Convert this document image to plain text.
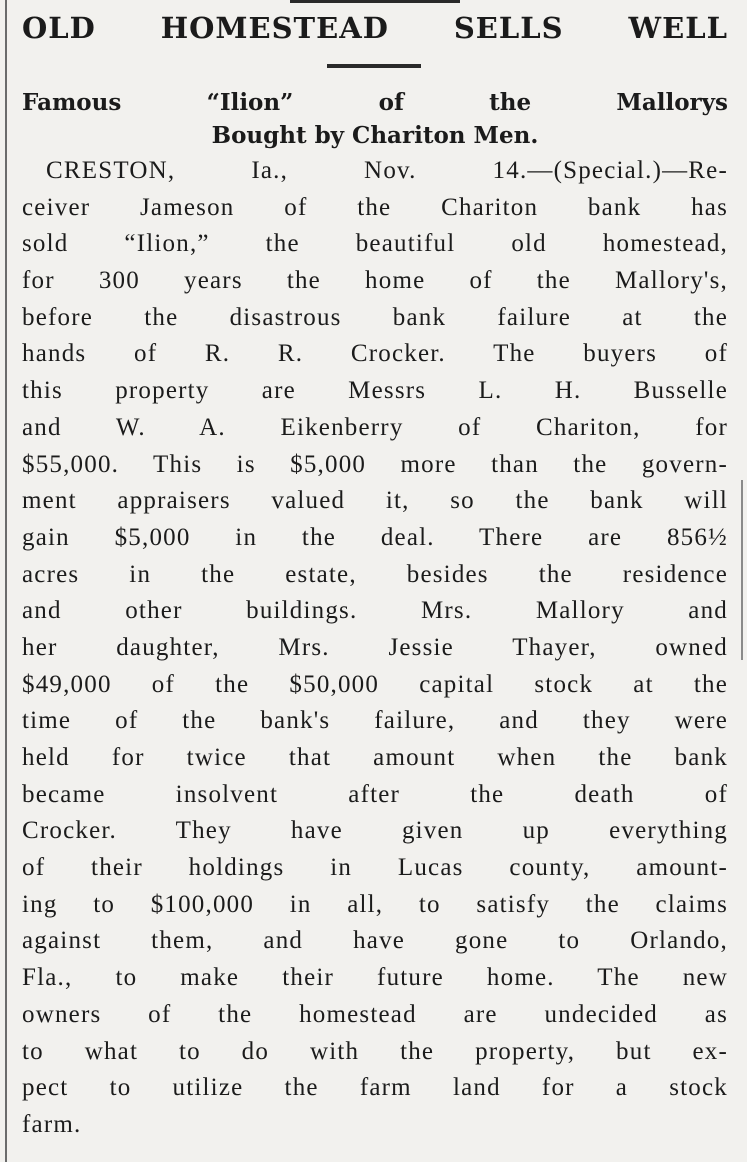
OLD HOMESTEAD SELLS WELL
Famous “Ilion” of the Mallorys
Bought by Chariton Men.
CRESTON, Ia., Nov. 14.—(Special.)—Re-
ceiver Jameson of the Chariton bank has
sold “Ilion,” the beautiful old homestead,
for 300 years the home of the Mallory's,
before the disastrous bank failure at the
hands of R. R. Crocker. The buyers of
this property are Messrs L. H. Busselle
and W. A. Eikenberry of Chariton, for
$55,000. This is $5,000 more than the govern-
ment appraisers valued it, so the bank will
gain $5,000 in the deal. There are 856½
acres in the estate, besides the residence
and other buildings. Mrs. Mallory and
her daughter, Mrs. Jessie Thayer, owned
$49,000 of the $50,000 capital stock at the
time of the bank's failure, and they were
held for twice that amount when the bank
became insolvent after the death of
Crocker. They have given up everything
of their holdings in Lucas county, amount-
ing to $100,000 in all, to satisfy the claims
against them, and have gone to Orlando,
Fla., to make their future home. The new
owners of the homestead are undecided as
to what to do with the property, but ex-
pect to utilize the farm land for a stock
farm.
